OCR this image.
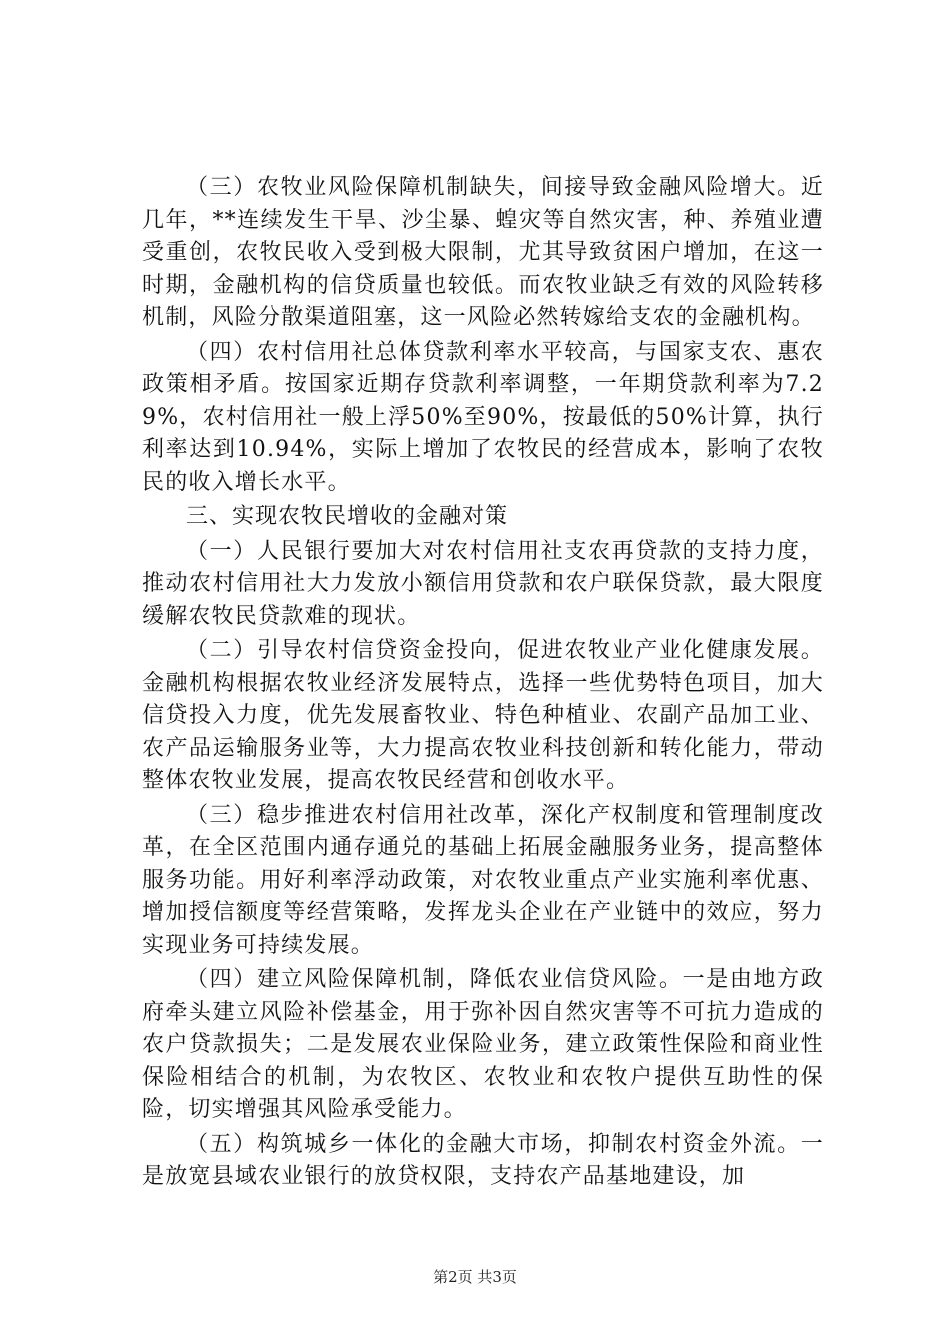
（三）农牧业风险保障机制缺失，间接导致金融风险增大。近几年，**连续发生干旱、沙尘暴、蝗灾等自然灾害，种、养殖业遭受重创，农牧民收入受到极大限制，尤其导致贫困户增加，在这一时期，金融机构的信贷质量也较低。而农牧业缺乏有效的风险转移机制，风险分散渠道阻塞，这一风险必然转嫁给支农的金融机构。

（四）农村信用社总体贷款利率水平较高，与国家支农、惠农政策相矛盾。按国家近期存贷款利率调整，一年期贷款利率为7.29%，农村信用社一般上浮50%至90%，按最低的50%计算，执行利率达到10.94%，实际上增加了农牧民的经营成本，影响了农牧民的收入增长水平。

三、实现农牧民增收的金融对策

（一）人民银行要加大对农村信用社支农再贷款的支持力度，推动农村信用社大力发放小额信用贷款和农户联保贷款，最大限度缓解农牧民贷款难的现状。

（二）引导农村信贷资金投向，促进农牧业产业化健康发展。金融机构根据农牧业经济发展特点，选择一些优势特色项目，加大信贷投入力度，优先发展畜牧业、特色种植业、农副产品加工业、农产品运输服务业等，大力提高农牧业科技创新和转化能力，带动整体农牧业发展，提高农牧民经营和创收水平。

（三）稳步推进农村信用社改革，深化产权制度和管理制度改革，在全区范围内通存通兑的基础上拓展金融服务业务，提高整体服务功能。用好利率浮动政策，对农牧业重点产业实施利率优惠、增加授信额度等经营策略，发挥龙头企业在产业链中的效应，努力实现业务可持续发展。

（四）建立风险保障机制，降低农业信贷风险。一是由地方政府牵头建立风险补偿基金，用于弥补因自然灾害等不可抗力造成的农户贷款损失；二是发展农业保险业务，建立政策性保险和商业性保险相结合的机制，为农牧区、农牧业和农牧户提供互助性的保险，切实增强其风险承受能力。

（五）构筑城乡一体化的金融大市场，抑制农村资金外流。一是放宽县域农业银行的放贷权限，支持农产品基地建设，加

第2页 共3页
